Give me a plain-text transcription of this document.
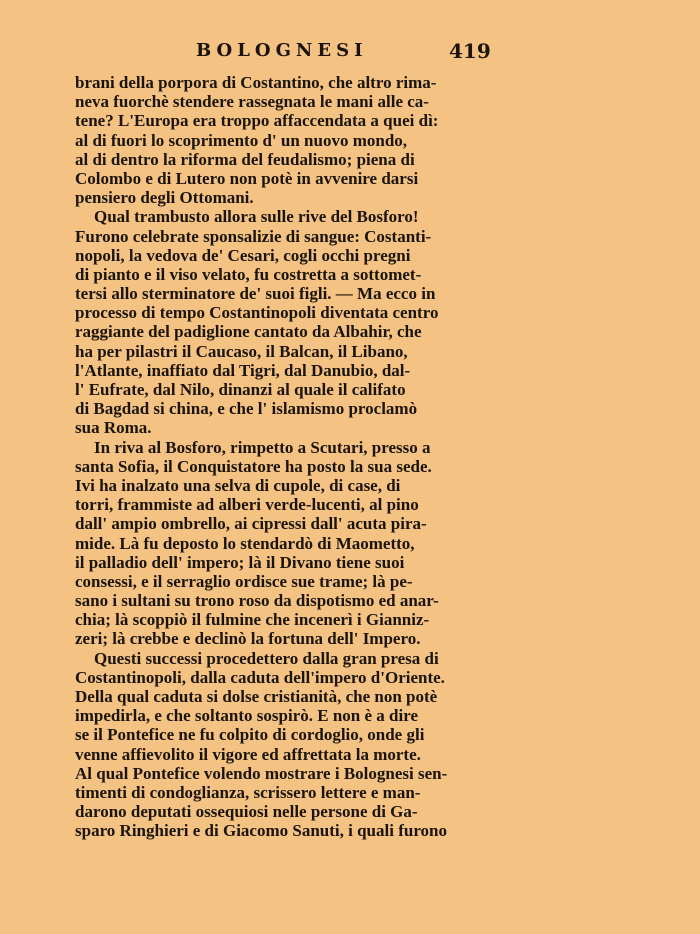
BOLOGNESI	419
brani della porpora di Costantino, che altro rima-
neva fuorchè stendere rassegnata le mani alle ca-
tene? L'Europa era troppo affaccendata a quei dì:
al di fuori lo scoprimento d' un nuovo mondo,
al di dentro la riforma del feudalismo; piena di
Colombo e di Lutero non potè in avvenire darsi
pensiero degli Ottomani.
Qual trambusto allora sulle rive del Bosforo!
Furono celebrate sponsalizie di sangue: Costanti-
nopoli, la vedova de' Cesari, cogli occhi pregni
di pianto e il viso velato, fu costretta a sottomet-
tersi allo sterminatore de' suoi figli. — Ma ecco in
processo di tempo Costantinopoli diventata centro
raggiante del padiglione cantato da Albahir, che
ha per pilastri il Caucaso, il Balcan, il Libano,
l'Atlante, inaffiato dal Tigri, dal Danubio, dal-
l' Eufrate, dal Nilo, dinanzi al quale il califato
di Bagdad si china, e che l' islamismo proclamò
sua Roma.
In riva al Bosforo, rimpetto a Scutari, presso a
santa Sofia, il Conquistatore ha posto la sua sede.
Ivi ha inalzato una selva di cupole, di case, di
torri, frammiste ad alberi verde-lucenti, al pino
dall' ampio ombrello, ai cipressi dall' acuta pira-
mide. Là fu deposto lo stendardò di Maometto,
il palladio dell' impero; là il Divano tiene suoi
consessi, e il serraglio ordisce sue trame; là pe-
sano i sultani su trono roso da dispotismo ed anar-
chia; là scoppiò il fulmine che incenerì i Gianniz-
zeri; là crebbe e declinò la fortuna dell' Impero.
Questi successi procedettero dalla gran presa di
Costantinopoli, dalla caduta dell'impero d'Oriente.
Della qual caduta si dolse cristianità, che non potè
impedirla, e che soltanto sospirò. E non è a dire
se il Pontefice ne fu colpito di cordoglio, onde gli
venne affievolito il vigore ed affrettata la morte.
Al qual Pontefice volendo mostrare i Bolognesi sen-
timenti di condoglianza, scrissero lettere e man-
darono deputati ossequiosi nelle persone di Ga-
sparo Ringhieri e di Giacomo Sanuti, i quali furono
